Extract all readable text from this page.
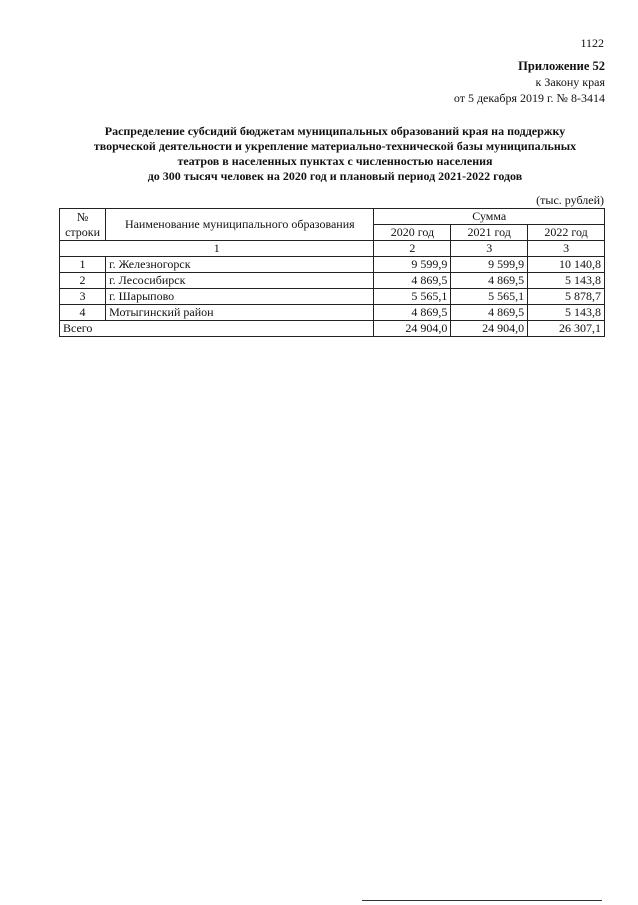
1122
Приложение 52
к Закону края
от 5 декабря 2019 г. № 8-3414
Распределение субсидий бюджетам муниципальных образований края на поддержку
творческой деятельности и укрепление материально-технической базы муниципальных
театров в населенных пунктах с численностью населения
до 300 тысяч человек на 2020 год и плановый период 2021-2022 годов
(тыс. рублей)
№ строки	Наименование муниципального образования	Сумма		
		2020 год	2021 год	2022 год
1		2	3	3
1	г. Железногорск	9 599,9	9 599,9	10 140,8
2	г. Лесосибирск	4 869,5	4 869,5	5 143,8
3	г. Шарыпово	5 565,1	5 565,1	5 878,7
4	Мотыгинский район	4 869,5	4 869,5	5 143,8
Всего		24 904,0	24 904,0	26 307,1
